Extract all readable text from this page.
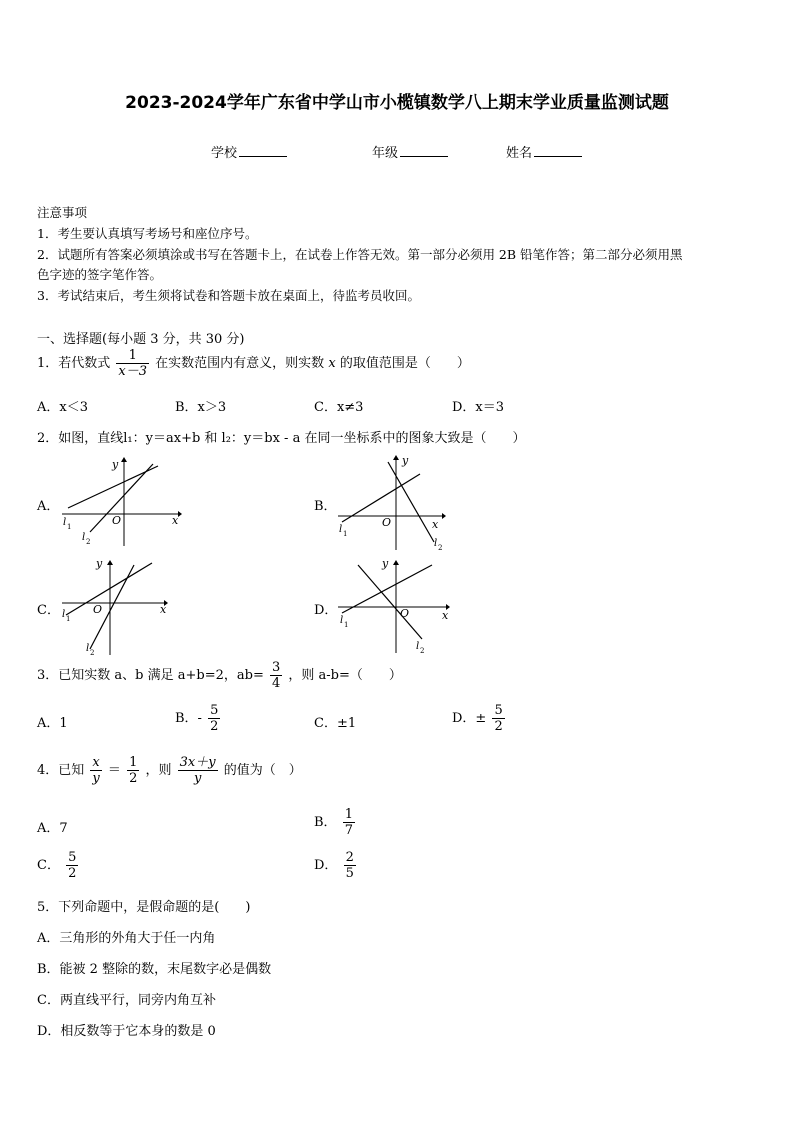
2023-2024学年广东省中学山市小榄镇数学八上期末学业质量监测试题
学校	年级	姓名
注意事项
1．考生要认真填写考场号和座位序号。
2．试题所有答案必须填涂或书写在答题卡上，在试卷上作答无效。第一部分必须用 2B 铅笔作答；第二部分必须用黑
色字迹的签字笔作答。
3．考试结束后，考生须将试卷和答题卡放在桌面上，待监考员收回。
一、选择题(每小题 3 分，共 30 分)
1．若代数式 $\frac{1}{x-3}$ 在实数范围内有意义，则实数 x 的取值范围是（　　）
A．x＜3	B．x＞3	C．x≠3	D．x＝3
2．如图，直线l₁：y＝ax+b 和 l₂：y＝bx - a 在同一坐标系中的图象大致是（　　）
A．	B．
C．	D．
y
x
O
l 1
l 2
y
x
O
l 1
l 2
y
x
O
l 1
l 2
y
x
O
l 1
l 2
3．已知实数 a、b 满足 a+b=2，$ab= \frac{3}{4}$ ，则 a-b=（　　）
A．1	B．- $\frac{5}{2}$	C．±1	D．± $\frac{5}{2}$
4．已知 $\frac{x}{y} = \frac{1}{2}$ ，则 $\frac{3x+y}{y}$ 的值为（　）
A．7	B． $\frac{1}{7}$
C． $\frac{5}{2}$	D． $\frac{2}{5}$
5．下列命题中，是假命题的是(　　)
A．三角形的外角大于任一内角
B．能被 2 整除的数，末尾数字必是偶数
C．两直线平行，同旁内角互补
D．相反数等于它本身的数是 0
